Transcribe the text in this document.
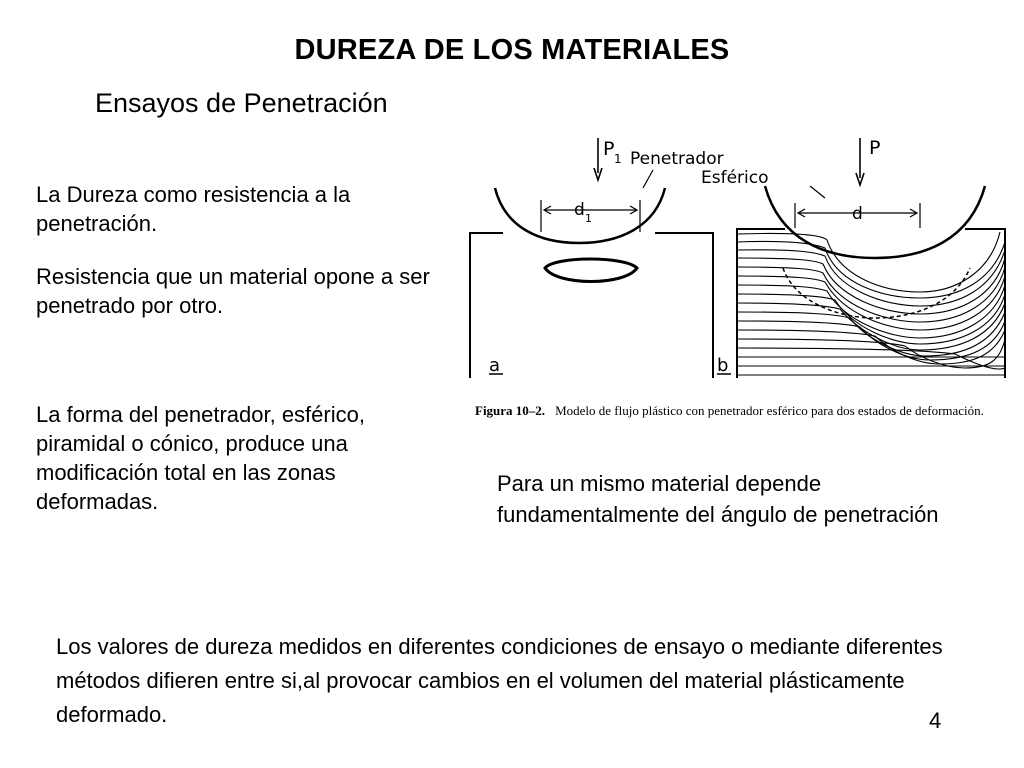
DUREZA DE LOS MATERIALES
Ensayos de Penetración
La Dureza como resistencia a la penetración.
Resistencia que un material opone a ser penetrado por otro.
La forma del penetrador, esférico, piramidal o cónico, produce una modificación total en las zonas deformadas.
Para un mismo material depende fundamentalmente del ángulo de penetración
Los valores de dureza medidos en diferentes condiciones de ensayo o mediante diferentes métodos difieren entre si,al provocar cambios en el volumen del material plásticamente deformado.	4
P 1 Penetrador
Esférico
P
d 1	d
a	b
Figura 10–2. Modelo de flujo plástico con penetrador esférico para dos estados de deformación.
